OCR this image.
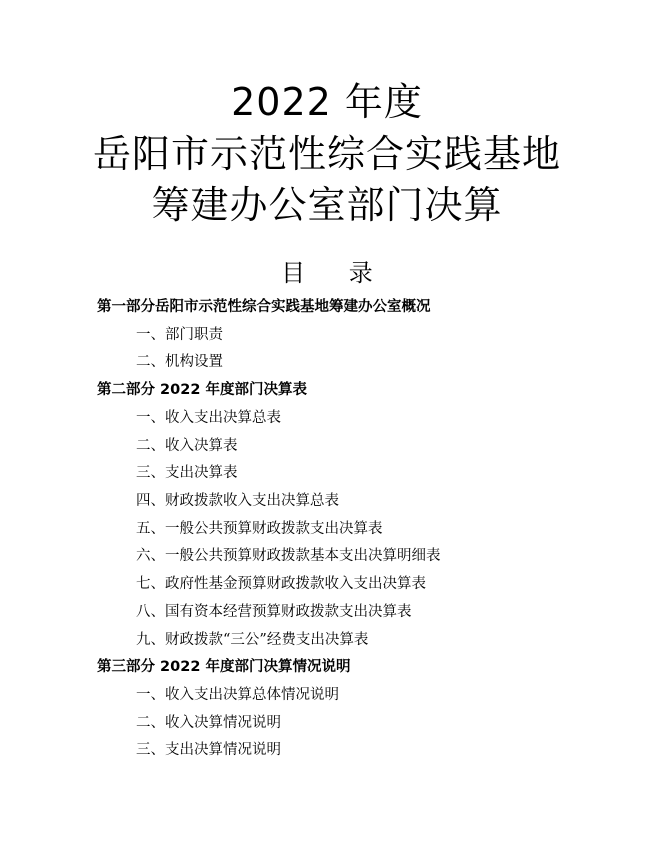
2022 年度
岳阳市示范性综合实践基地
筹建办公室部门决算
目 录
第一部分岳阳市示范性综合实践基地筹建办公室概况
一、部门职责
二、机构设置
第二部分 2022 年度部门决算表
一、收入支出决算总表
二、收入决算表
三、支出决算表
四、财政拨款收入支出决算总表
五、一般公共预算财政拨款支出决算表
六、一般公共预算财政拨款基本支出决算明细表
七、政府性基金预算财政拨款收入支出决算表
八、国有资本经营预算财政拨款支出决算表
九、财政拨款“三公”经费支出决算表
第三部分 2022 年度部门决算情况说明
一、收入支出决算总体情况说明
二、收入决算情况说明
三、支出决算情况说明
